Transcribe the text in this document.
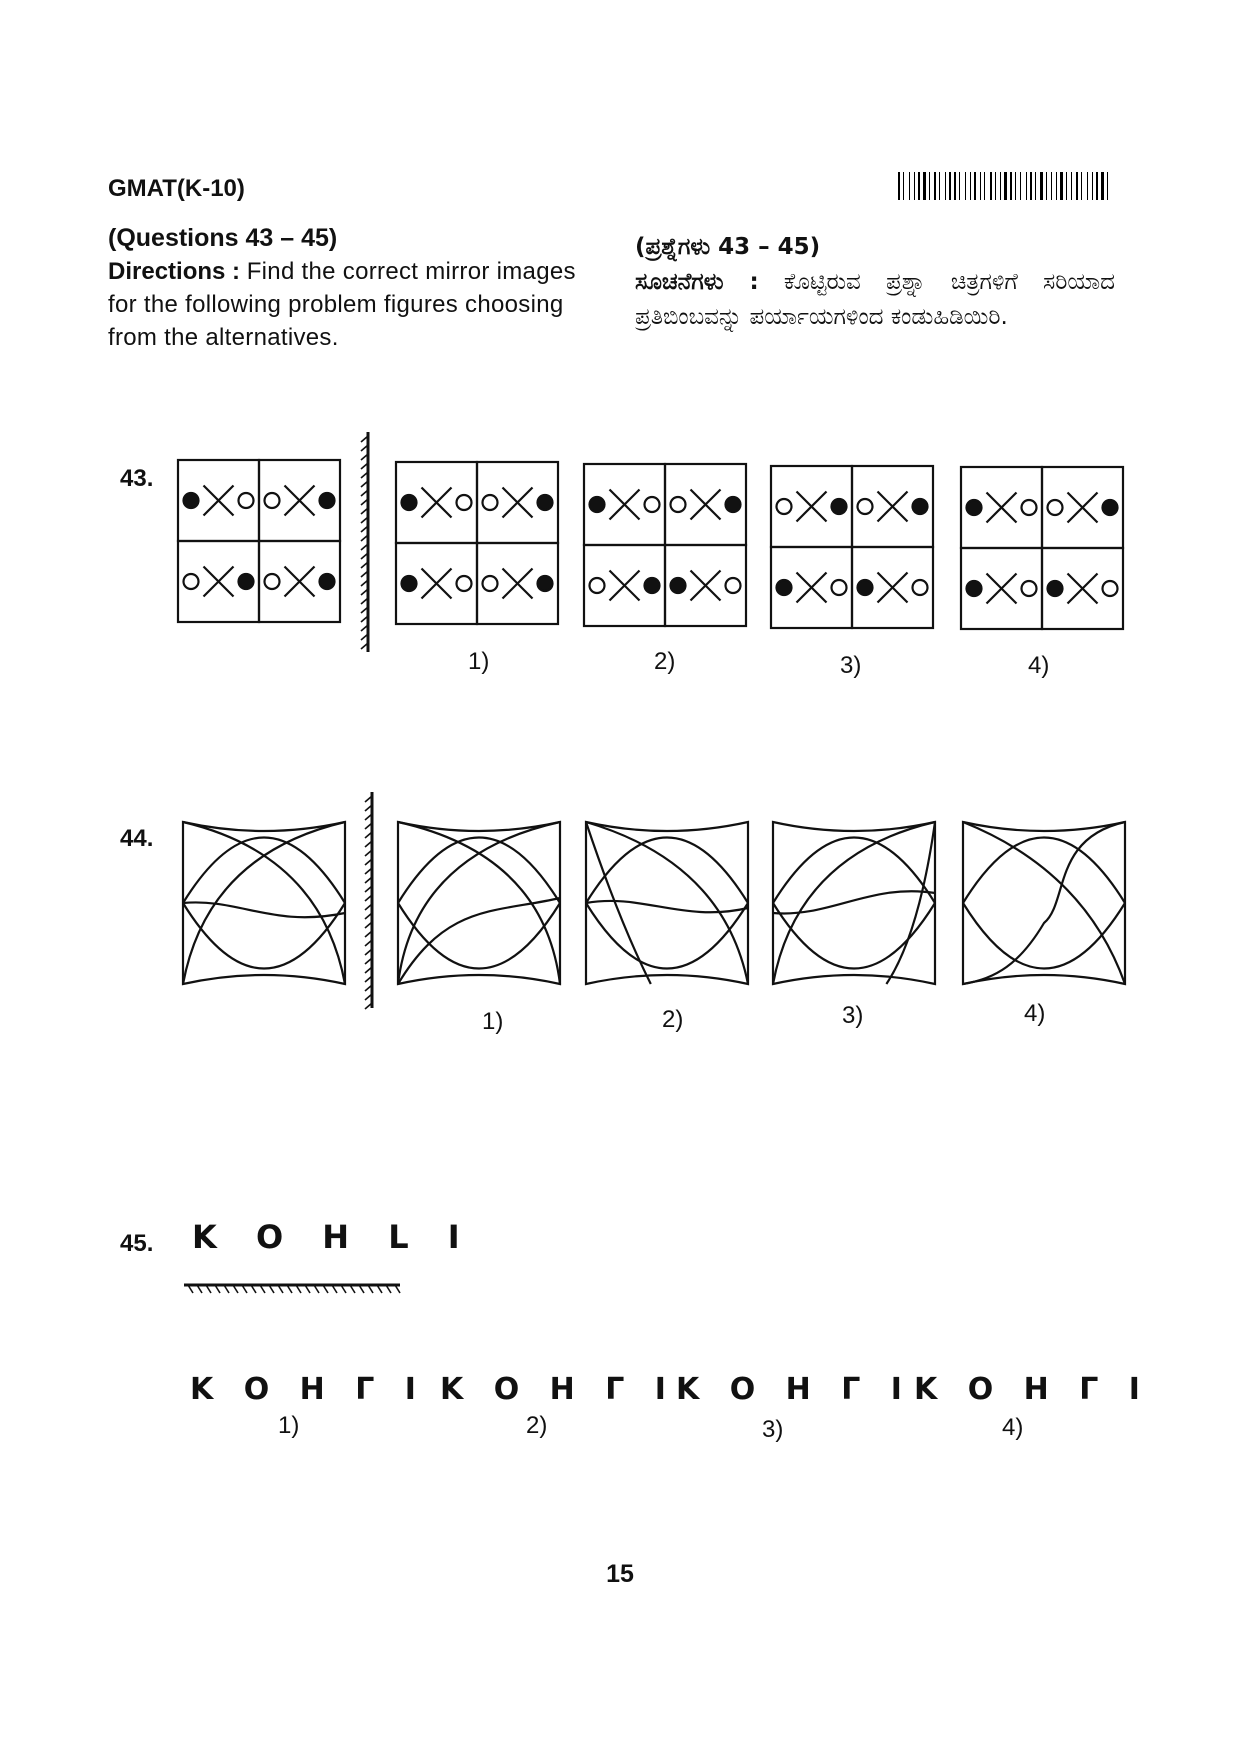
GMAT(K-10)
(Questions 43 – 45)
Directions : Find the correct mirror images for the following problem figures choosing from the alternatives.
(ಪ್ರಶ್ನೆಗಳು 43 – 45)
ಸೂಚನೆಗಳು : ಕೊಟ್ಟಿರುವ ಪ್ರಶ್ನಾ ಚಿತ್ರಗಳಿಗೆ ಸರಿಯಾದ ಪ್ರತಿಬಿಂಬವನ್ನು ಪರ್ಯಾಯಗಳಿಂದ ಕಂಡುಹಿಡಿಯಿರಿ.
43.
44.
45.
1)	2)	3)	4)
1)	2)	3)	4)
K O H L I
K O H Γ I K O H Γ I K O H Γ I K O H Γ I
1)	2)	3)	4)
15
